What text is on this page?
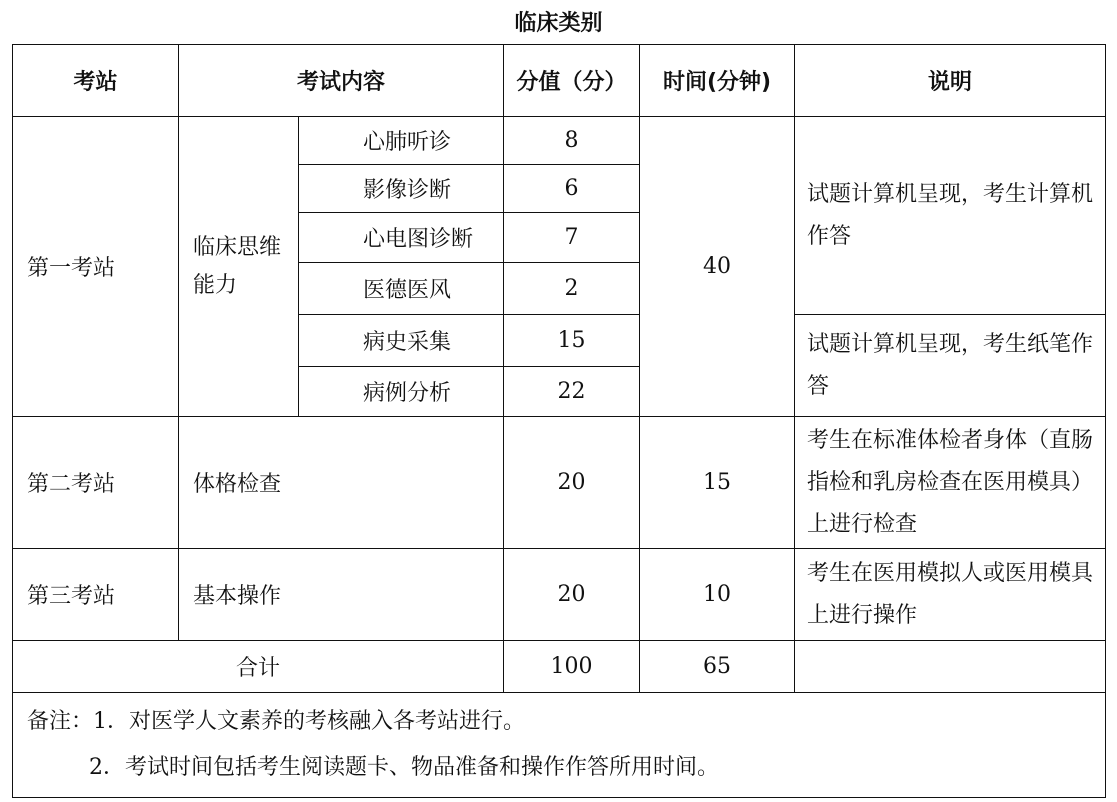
临床类别
考站	考试内容		分值（分）	时间(分钟)	说明
第一考站	临床思维能力	心肺听诊	8	40	试题计算机呈现，考生计算机作答
		影像诊断	6		
		心电图诊断	7		
		医德医风	2		
		病史采集	15		试题计算机呈现，考生纸笔作答
		病例分析	22		
第二考站	体格检查		20	15	考生在标准体检者身体（直肠指检和乳房检查在医用模具）上进行检查
第三考站	基本操作		20	10	考生在医用模拟人或医用模具上进行操作
合计			100	65	

备注：1．对医学人文素养的考核融入各考站进行。
2．考试时间包括考生阅读题卡、物品准备和操作作答所用时间。					
